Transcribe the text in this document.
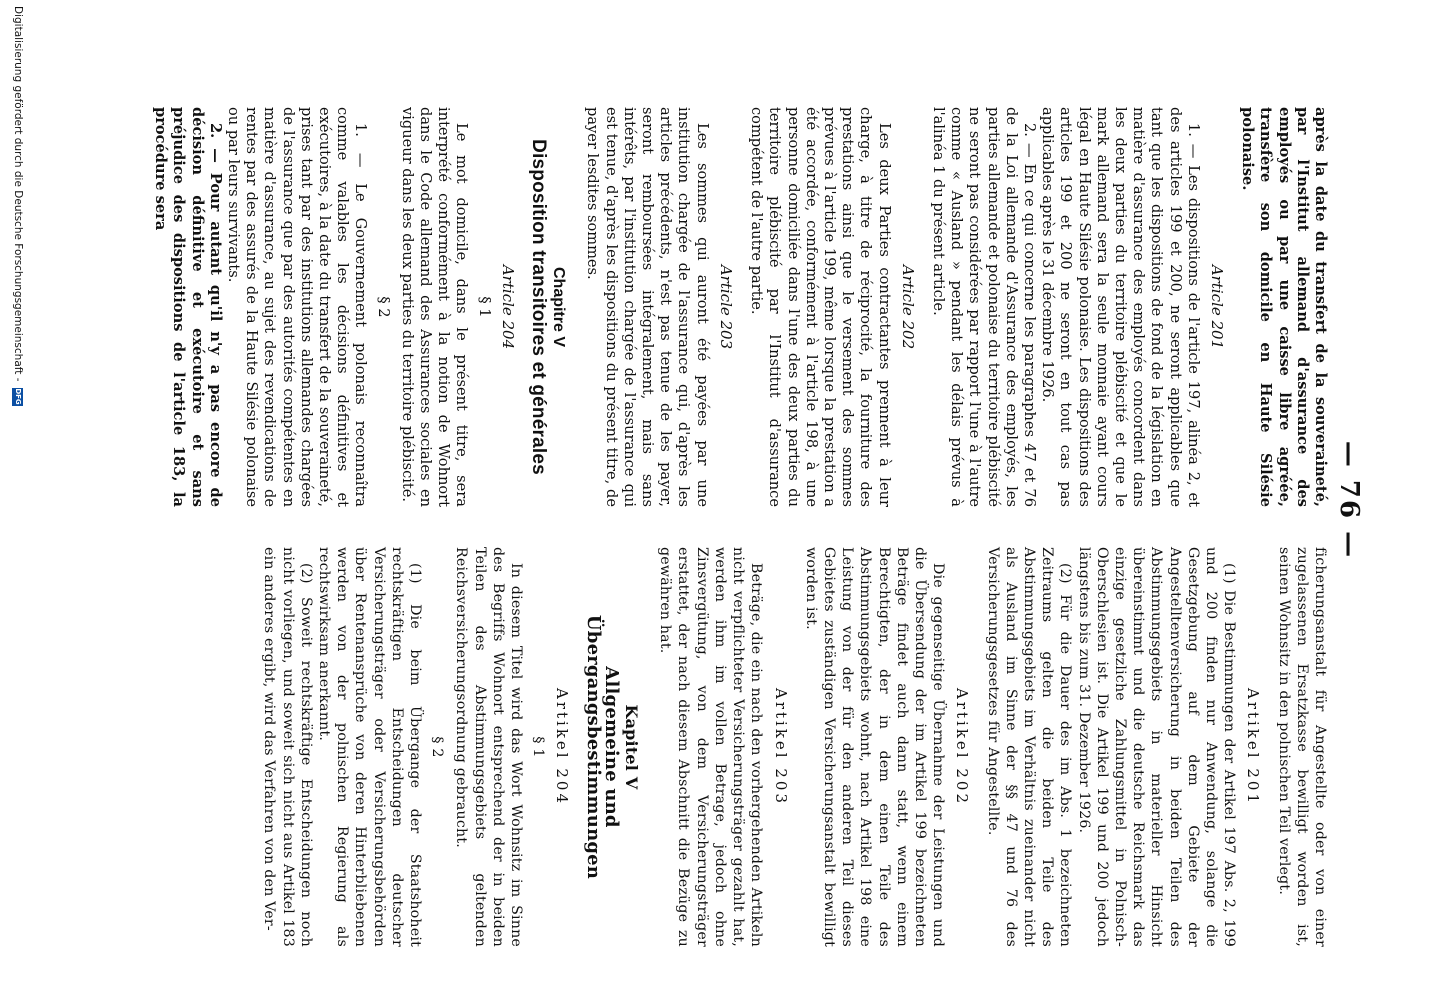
— 76 —

après la date du transfert de la souveraineté, par l'Institut allemand d'assurance des employés ou par une caisse libre agréée, transfère son domicile en Haute Silésie polonaise.

Article 201

1. — Les dispositions de l'article 197, alinéa 2, et des articles 199 et 200, ne seront applicables que tant que les dispositions de fond de la législation en matière d'assurance des employés concordent dans les deux parties du territoire plébiscité et que le mark allemand sera la seule monnaie ayant cours légal en Haute Silésie polonaise. Les dispositions des articles 199 et 200 ne seront en tout cas pas applicables après le 31 décembre 1926.

2. — En ce qui concerne les paragraphes 47 et 76 de la Loi allemande d'Assurance des employés, les parties allemande et polonaise du territoire plébiscité ne seront pas considérées par rapport l'une à l'autre comme « Ausland » pendant les délais prévus à l'alinéa 1 du présent article.

Article 202

Les deux Parties contractantes prennent à leur charge, à titre de réciprocité, la fourniture des prestations ainsi que le versement des sommes prévues à l'article 199, même lorsque la prestation a été accordée, conformément à l'article 198, à une personne domiciliée dans l'une des deux parties du territoire plébiscité par l'Institut d'assurance compétent de l'autre partie.

Article 203

Les sommes qui auront été payées par une institution chargée de l'assurance qui, d'après les articles précédents, n'est pas tenue de les payer, seront remboursées intégralement, mais sans intérêts, par l'institution chargée de l'assurance qui est tenue, d'après les dispositions du présent titre, de payer lesdites sommes.

Chapitre V
Disposition transitoires et générales
Article 204
§ 1

Le mot domicile, dans le présent titre, sera interprété conformément à la notion de Wohnort dans le Code allemand des Assurances sociales en vigueur dans les deux parties du territoire plébiscité.

§ 2

1. — Le Gouvernement polonais reconnaîtra comme valables les décisions définitives et exécutoires, à la date du transfert de la souveraineté, prises tant par des institutions allemandes chargées de l'assurance que par des autorités compétentes en matière d'assurance, au sujet des revendications de rentes par des assurés de la Haute Silésie polonaise ou par leurs survivants.

2. — Pour autant qu'il n'y a pas encore de décision définitive et exécutoire et sans préjudice des dispositions de l'article 183, la procédure sera

ficherungsanstalt für Angestellte oder von einer zugelassenen Ersatzkasse bewilligt worden ist, seinen Wohnsitz in den polnischen Teil verlegt.

Artikel 201

(1) Die Bestimmungen der Artikel 197 Abs. 2, 199 und 200 finden nur Anwendung, solange die Gesetzgebung auf dem Gebiete der Angestelltenversicherung in beiden Teilen des Abstimmungsgebiets in materieller Hinsicht übereinstimmt und die deutsche Reichsmark das einzige gesetzliche Zahlungsmittel in Polnisch-Oberschlesien ist. Die Artikel 199 und 200 jedoch längstens bis zum 31. Dezember 1926.

(2) Für die Dauer des im Abs. 1 bezeichneten Zeitraums gelten die beiden Teile des Abstimmungsgebiets im Verhältnis zueinander nicht als Ausland im Sinne der §§ 47 und 76 des Versicherungsgesetzes für Angestellte.

Artikel 202

Die gegenseitige Übernahme der Leistungen und die Übersendung der im Artikel 199 bezeichneten Beträge findet auch dann statt, wenn einem Berechtigten, der in dem einen Teile des Abstimmungsgebiets wohnt, nach Artikel 198 eine Leistung von der für den anderen Teil dieses Gebietes zuständigen Versicherungsanstalt bewilligt worden ist.

Artikel 203

Beträge, die ein nach den vorhergehenden Artikeln nicht verpflichteter Versicherungsträger gezahlt hat, werden ihm im vollen Betrage, jedoch ohne Zinsvergütung, von dem Versicherungsträger erstattet, der nach diesem Abschnitt die Bezüge zu gewähren hat.

Kapitel V
Allgemeine und Übergangsbestimmungen
Artikel 204
§ 1

In diesem Titel wird das Wort Wohnsitz im Sinne des Begriffs Wohnort entsprechend der in beiden Teilen des Abstimmungsgebiets geltenden Reichsversicherungsordnung gebraucht.

§ 2

(1) Die beim Übergange der Staatshoheit rechtskräftigen Entscheidungen deutscher Versicherungsträger oder Versicherungsbehörden über Rentenansprüche von deren Hinterbliebenen werden von der polnischen Regierung als rechtswirksam anerkannt.

(2) Soweit rechtskräftige Entscheidungen noch nicht vorliegen, und soweit sich nicht aus Artikel 183 ein anderes ergibt, wird das Verfahren von den Ver-

Digitalisierung gefördert durch die Deutsche Forschungsgemeinschaft -
DFG
